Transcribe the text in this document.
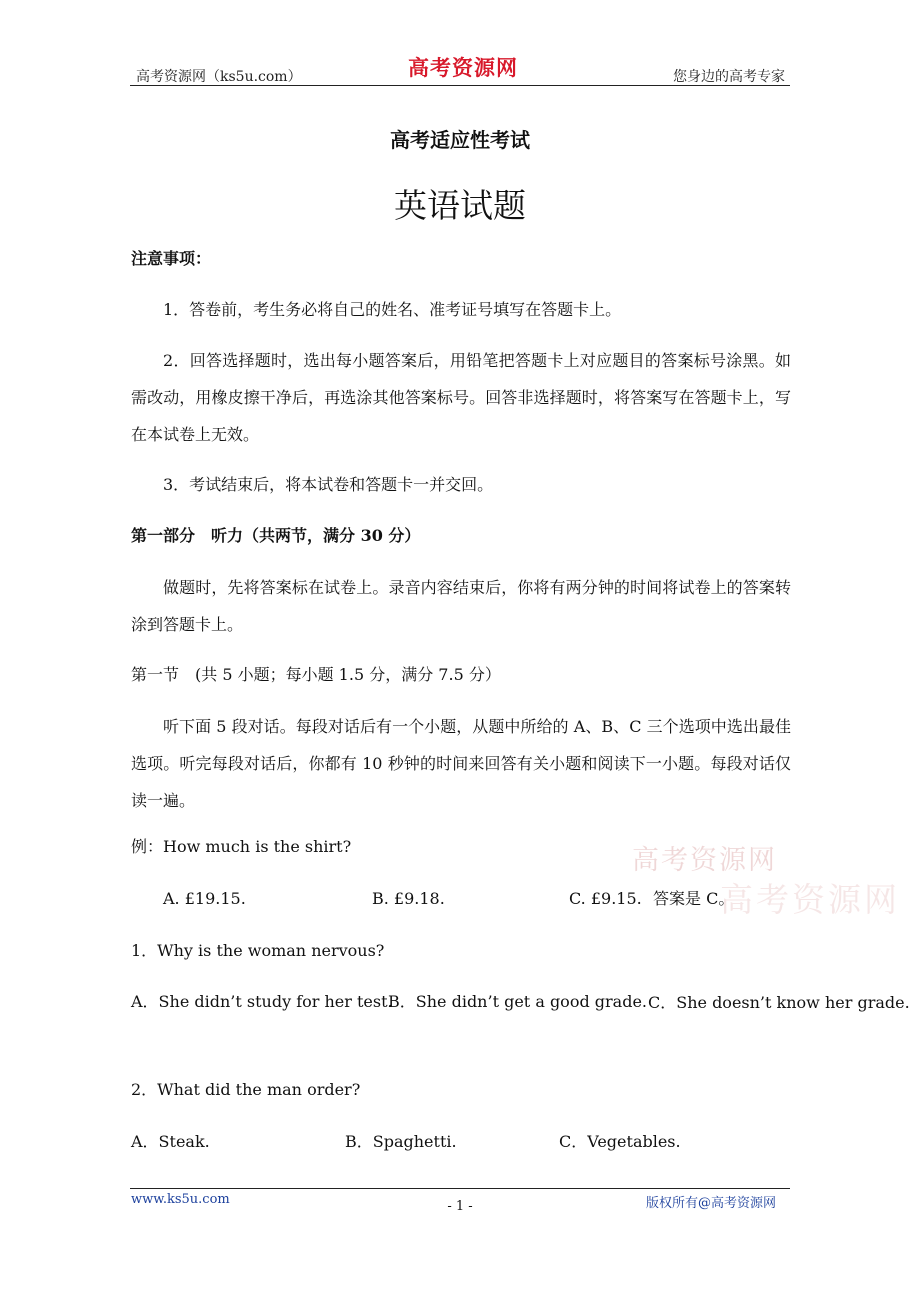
高考资源网（ks5u.com）	高考资源网	您身边的高考专家
高考适应性考试
英语试题
注意事项：
1．答卷前，考生务必将自己的姓名、准考证号填写在答题卡上。
2．回答选择题时，选出每小题答案后，用铅笔把答题卡上对应题目的答案标号涂黑。如需改动，用橡皮擦干净后，再选涂其他答案标号。回答非选择题时，将答案写在答题卡上，写在本试卷上无效。
3．考试结束后，将本试卷和答题卡一并交回。
第一部分　听力（共两节，满分 30 分）
做题时，先将答案标在试卷上。录音内容结束后，你将有两分钟的时间将试卷上的答案转涂到答题卡上。
第一节　(共 5 小题；每小题 1.5 分，满分 7.5 分）
听下面 5 段对话。每段对话后有一个小题，从题中所给的 A、B、C 三个选项中选出最佳选项。听完每段对话后，你都有 10 秒钟的时间来回答有关小题和阅读下一小题。每段对话仅读一遍。
例：How much is the shirt?
A. £19.15.	B. £9.18.	C. £9.15. 答案是 C。
高考资源网
高考资源网
1．Why is the woman nervous?
A．She didn’t study for her test.
B．She didn’t get a good grade. C．She doesn’t know her grade.
2．What did the man order?
A．Steak.	B．Spaghetti.	C．Vegetables.
www.ks5u.com	- 1 -	版权所有@高考资源网
